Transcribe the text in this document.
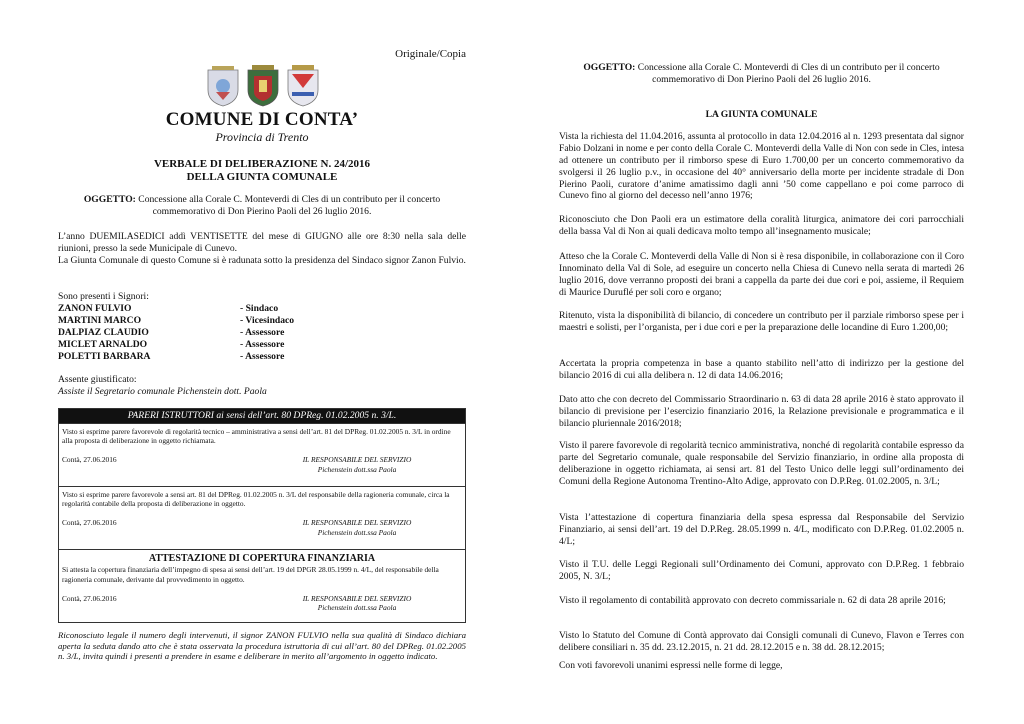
Originale/Copia
COMUNE DI CONTA’
Provincia di Trento
VERBALE DI DELIBERAZIONE N. 24/2016
DELLA GIUNTA COMUNALE
OGGETTO: Concessione alla Corale C. Monteverdi di Cles di un contributo per il concerto commemorativo di Don Pierino Paoli del 26 luglio 2016.
L’anno DUEMILASEDICI addì VENTISETTE del mese di GIUGNO alle ore 8:30 nella sala delle riunioni, presso la sede Municipale di Cunevo.
La Giunta Comunale di questo Comune si è radunata sotto la presidenza del Sindaco signor Zanon Fulvio.
Sono presenti i Signori:
ZANON FULVIO	- Sindaco
MARTINI MARCO	- Vicesindaco
DALPIAZ CLAUDIO	- Assessore
MICLET ARNALDO	- Assessore
POLETTI BARBARA	- Assessore
Assente giustificato:
Assiste il Segretario comunale Pichenstein dott. Paola
PARERI ISTRUTTORI ai sensi dell’art. 80 DPReg. 01.02.2005 n. 3/L.
Visto si esprime parere favorevole di regolarità tecnico – amministrativa a sensi dell’art. 81 del DPReg. 01.02.2005 n. 3/L in ordine alla proposta di deliberazione in oggetto richiamata.
Contà, 27.06.2016	IL RESPONSABILE DEL SERVIZIO
Pichenstein dott.ssa Paola
Visto si esprime parere favorevole a sensi art. 81 del DPReg. 01.02.2005 n. 3/L del responsabile della ragioneria comunale, circa la regolarità contabile della proposta di deliberazione in oggetto.
Contà, 27.06.2016	IL RESPONSABILE DEL SERVIZIO
Pichenstein dott.ssa Paola
ATTESTAZIONE DI COPERTURA FINANZIARIA
Si attesta la copertura finanziaria dell’impegno di spesa ai sensi dell’art. 19 del DPGR 28.05.1999 n. 4/L, del responsabile della ragioneria comunale, derivante dal provvedimento in oggetto.
Contà, 27.06.2016	IL RESPONSABILE DEL SERVIZIO
Pichenstein dott.ssa Paola
Riconosciuto legale il numero degli intervenuti, il signor ZANON FULVIO nella sua qualità di Sindaco dichiara aperta la seduta dando atto che è stata osservata la procedura istruttoria di cui all’art. 80 del DPReg. 01.02.2005 n. 3/L, invita quindi i presenti a prendere in esame e deliberare in merito all’argomento in oggetto indicato.
OGGETTO: Concessione alla Corale C. Monteverdi di Cles di un contributo per il concerto commemorativo di Don Pierino Paoli del 26 luglio 2016.
LA GIUNTA COMUNALE
Vista la richiesta del 11.04.2016, assunta al protocollo in data 12.04.2016 al n. 1293 presentata dal signor Fabio Dolzani in nome e per conto della Corale C. Monteverdi della Valle di Non con sede in Cles, intesa ad ottenere un contributo per il rimborso spese di Euro 1.700,00 per un concerto commemorativo da svolgersi il 26 luglio p.v., in occasione del 40° anniversario della morte per incidente stradale di Don Pierino Paoli, curatore d’anime amatissimo dagli anni ’50 come cappellano e poi come parroco di Cunevo fino al giorno del decesso nell’anno 1976;
Riconosciuto che Don Paoli era un estimatore della coralità liturgica, animatore dei cori parrocchiali della bassa Val di Non ai quali dedicava molto tempo all’insegnamento musicale;
Atteso che la Corale C. Monteverdi della Valle di Non si è resa disponibile, in collaborazione con il Coro Innominato della Val di Sole, ad eseguire un concerto nella Chiesa di Cunevo nella serata di martedì 26 luglio 2016, dove verranno proposti dei brani a cappella da parte dei due cori e poi, assieme, il Requiem di Maurice Duruflé per soli coro e organo;
Ritenuto, vista la disponibilità di bilancio, di concedere un contributo per il parziale rimborso spese per i maestri e solisti, per l’organista, per i due cori e per la preparazione delle locandine di Euro 1.200,00;
Accertata la propria competenza in base a quanto stabilito nell’atto di indirizzo per la gestione del bilancio 2016 di cui alla delibera n. 12 di data 14.06.2016;
Dato atto che con decreto del Commissario Straordinario n. 63 di data 28 aprile 2016 è stato approvato il bilancio di previsione per l’esercizio finanziario 2016, la Relazione previsionale e programmatica e il bilancio pluriennale 2016/2018;
Visto il parere favorevole di regolarità tecnico amministrativa, nonché di regolarità contabile espresso da parte del Segretario comunale, quale responsabile del Servizio finanziario, in ordine alla proposta di deliberazione in oggetto richiamata, ai sensi art. 81 del Testo Unico delle leggi sull’ordinamento dei Comuni della Regione Autonoma Trentino-Alto Adige, approvato con D.P.Reg. 01.02.2005, n. 3/L;
Vista l’attestazione di copertura finanziaria della spesa espressa dal Responsabile del Servizio Finanziario, ai sensi dell’art. 19 del D.P.Reg. 28.05.1999 n. 4/L, modificato con D.P.Reg. 01.02.2005 n. 4/L;
Visto il T.U. delle Leggi Regionali sull’Ordinamento dei Comuni, approvato con D.P.Reg. 1 febbraio 2005, N. 3/L;
Visto il regolamento di contabilità approvato con decreto commissariale n. 62 di data 28 aprile 2016;
Visto lo Statuto del Comune di Contà approvato dai Consigli comunali di Cunevo, Flavon e Terres con delibere consiliari n. 35 dd. 23.12.2015, n. 21 dd. 28.12.2015 e n. 38 dd. 28.12.2015;
Con voti favorevoli unanimi espressi nelle forme di legge,
